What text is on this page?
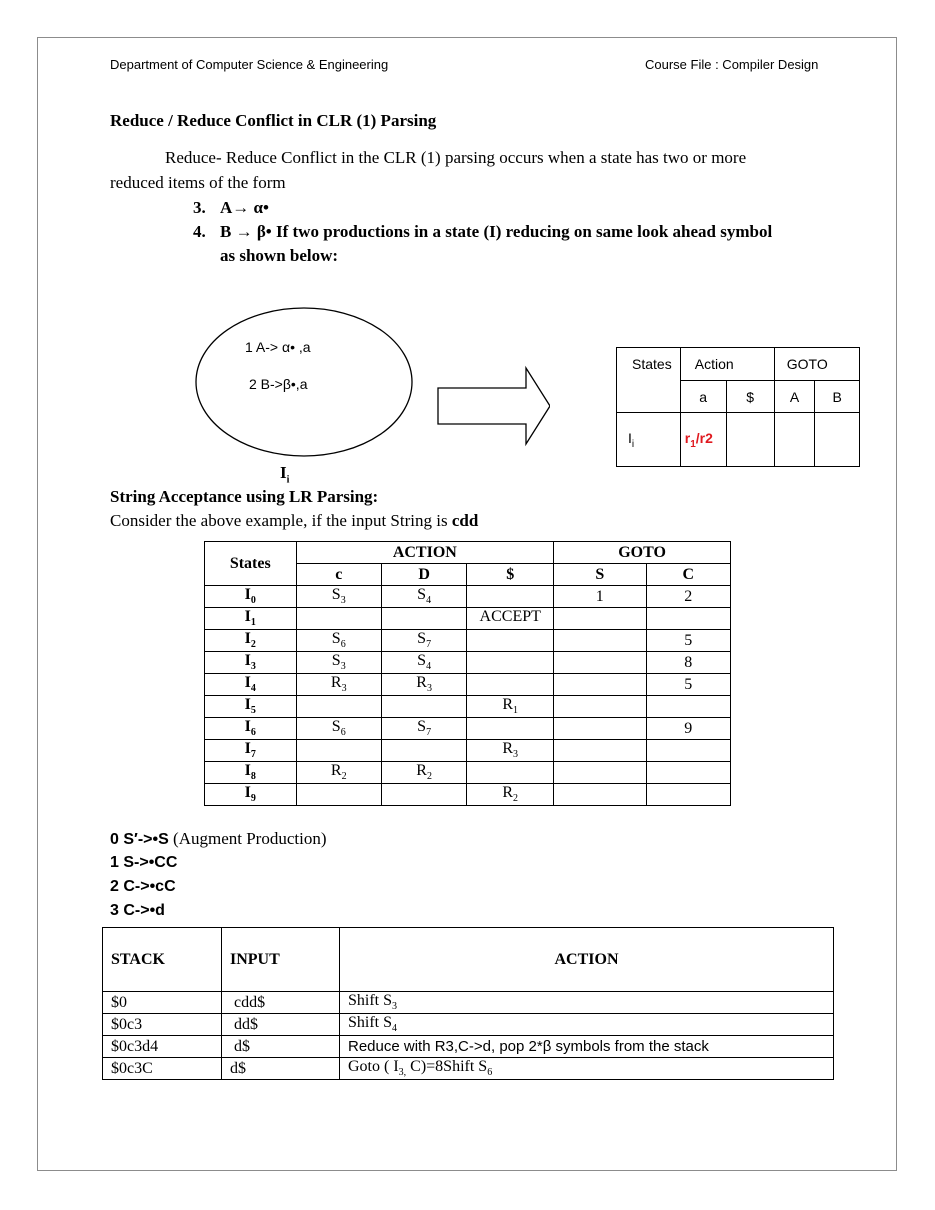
Department of Computer Science & Engineering	Course File : Compiler Design
Reduce / Reduce Conflict in CLR (1) Parsing
Reduce- Reduce Conflict in the CLR (1) parsing occurs when a state has two or more
reduced items of the form
3. A→ α•
4. B → β• If two productions in a state (I) reducing on same look ahead symbol
as shown below:
1 A-> α• ,a
2 B->β•,a
$I_i$
States	Action		GOTO	
	a	$	A	B
$I_i$	$r_1/r2$			
String Acceptance using LR Parsing:
Consider the above example, if the input String is cdd
States	ACTION			GOTO	
	c	D	$	S	C
$I_0$	$S_3$	$S_4$		1	2
$I_1$			ACCEPT		
$I_2$	$S_6$	$S_7$			5
$I_3$	$S_3$	$S_4$			8
$I_4$	$R_3$	$R_3$			5
$I_5$			$R_1$		
$I_6$	$S_6$	$S_7$			9
$I_7$			$R_3$		
$I_8$	$R_2$	$R_2$			
$I_9$			$R_2$		
0 S′->•S (Augment Production)
1 S->•CC
2 C->•cC
3 C->•d
STACK	INPUT	ACTION
$0	cdd$	Shift $S_3$
$0c3	dd$	Shift $S_4$
$0c3d4	d$	Reduce with R3,C->d, pop 2*β symbols from the stack
$0c3C	d$	Goto ( $I_{3,}$ C)=8Shift $S_6$
